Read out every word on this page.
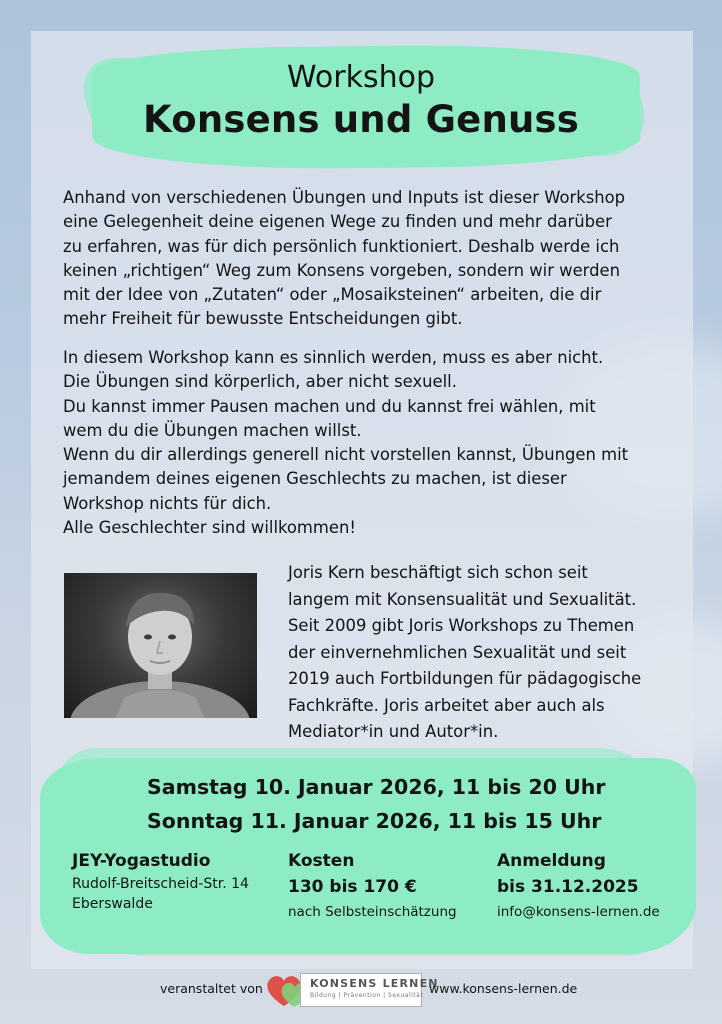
Workshop
Konsens und Genuss

Anhand von verschiedenen Übungen und Inputs ist dieser Workshop
eine Gelegenheit deine eigenen Wege zu finden und mehr darüber
zu erfahren, was für dich persönlich funktioniert. Deshalb werde ich
keinen „richtigen“ Weg zum Konsens vorgeben, sondern wir werden
mit der Idee von „Zutaten“ oder „Mosaiksteinen“ arbeiten, die dir
mehr Freiheit für bewusste Entscheidungen gibt.

In diesem Workshop kann es sinnlich werden, muss es aber nicht.
Die Übungen sind körperlich, aber nicht sexuell.
Du kannst immer Pausen machen und du kannst frei wählen, mit
wem du die Übungen machen willst.
Wenn du dir allerdings generell nicht vorstellen kannst, Übungen mit
jemandem deines eigenen Geschlechts zu machen, ist dieser
Workshop nichts für dich.
Alle Geschlechter sind willkommen!

Joris Kern beschäftigt sich schon seit
langem mit Konsensualität und Sexualität.
Seit 2009 gibt Joris Workshops zu Themen
der einvernehmlichen Sexualität und seit
2019 auch Fortbildungen für pädagogische
Fachkräfte. Joris arbeitet aber auch als
Mediator*in und Autor*in.

Samstag 10. Januar 2026, 11 bis 20 Uhr
Sonntag 11. Januar 2026, 11 bis 15 Uhr
JEY-Yogastudio
Rudolf-Breitscheid-Str. 14
Eberswalde
Kosten
130 bis 170 €
nach Selbsteinschätzung
Anmeldung
bis 31.12.2025
info@konsens-lernen.de
veranstaltet von	KONSENS LERNEN
Bildung | Prävention | Sexualität www.konsens-lernen.de
